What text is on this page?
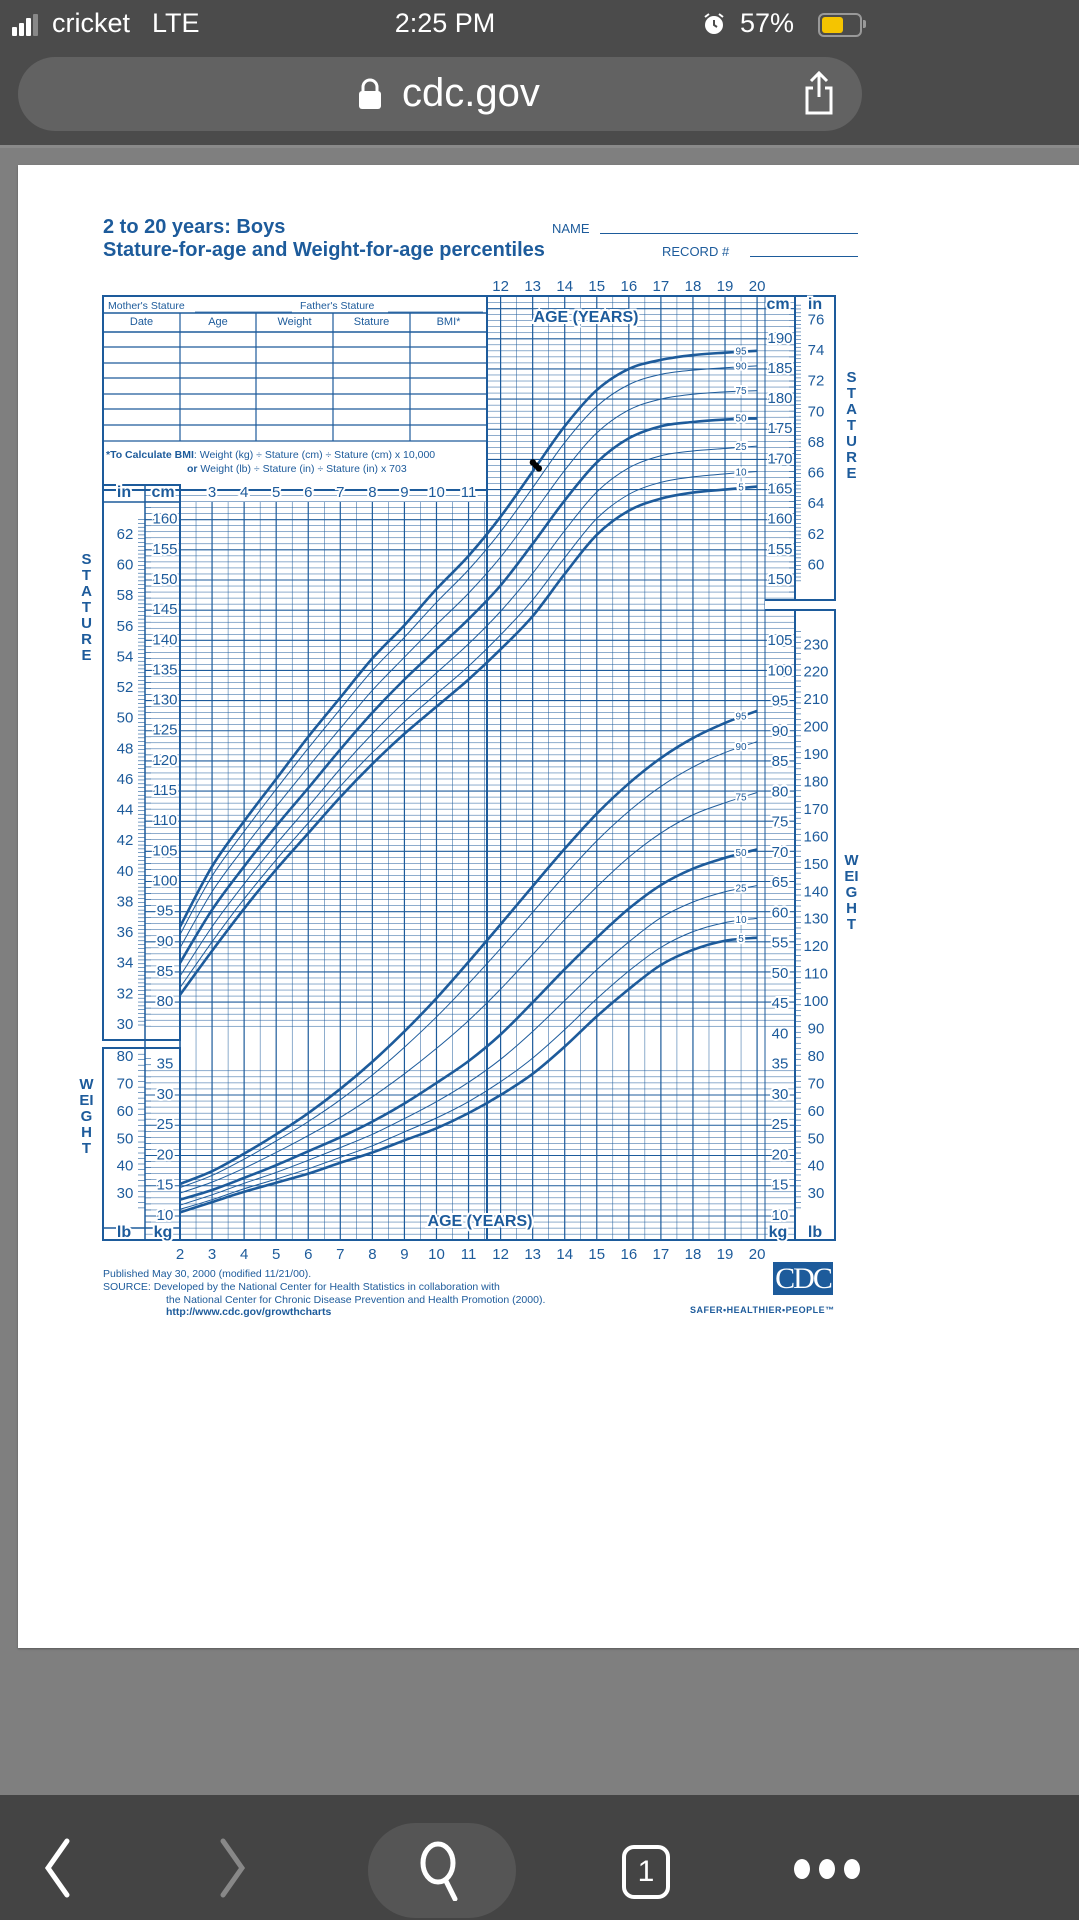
cricket LTE	2:25 PM	57%
cdc.gov
2 to 20 years: Boys
Stature-for-age and Weight-for-age percentiles
NAME
RECORD #
Mother's Stature	Father's Stature
Date	Age	Weight	Stature	BMI*
*To Calculate BMI: Weight (kg) ÷ Stature (cm) ÷ Stature (cm) x 10,000
or Weight (lb) ÷ Stature (in) ÷ Stature (in) x 703
STATURE
STATURE
WEIGHT
WEIGHT
Published May 30, 2000 (modified 11/21/00).
SOURCE: Developed by the National Center for Health Statistics in collaboration with
the National Center for Chronic Disease Prevention and Health Promotion (2000).
http://www.cdc.gov/growthcharts
CDC
SAFER•HEALTHIER•PEOPLE™
80
85
90
95
100
105
110
115
120
125
130
135
140
145
150
155
160
30
32
34
36
38
40
42
44
46
48
50
52
54
56
58
60
62
150
155
160
165
170
175
180
185
190
60
62
64
66
68
70
72
74
76
10
15
20
25
30
35
30
40
50
60
70
80
10
15
20
25
30
35
40
45
50
55
60
65
70
75
80
85
90
95
100
105
30
40
50
60
70
80
90
100
110
120
130
140
150
160
170
180
190
200
210
220
230
in cm
cm in
lb kg	kg lb
12 13 14 15 16 17 18 19 20
3 4 5 6 7 8 9 10 11
2 3 4 5 6 7 8 9 10 11 12 13 14 15 16 17 18 19 20
AGE (YEARS)
AGE (YEARS)
95
90
75
50
25
10
5
95
90
75
50
25
10
5
1
